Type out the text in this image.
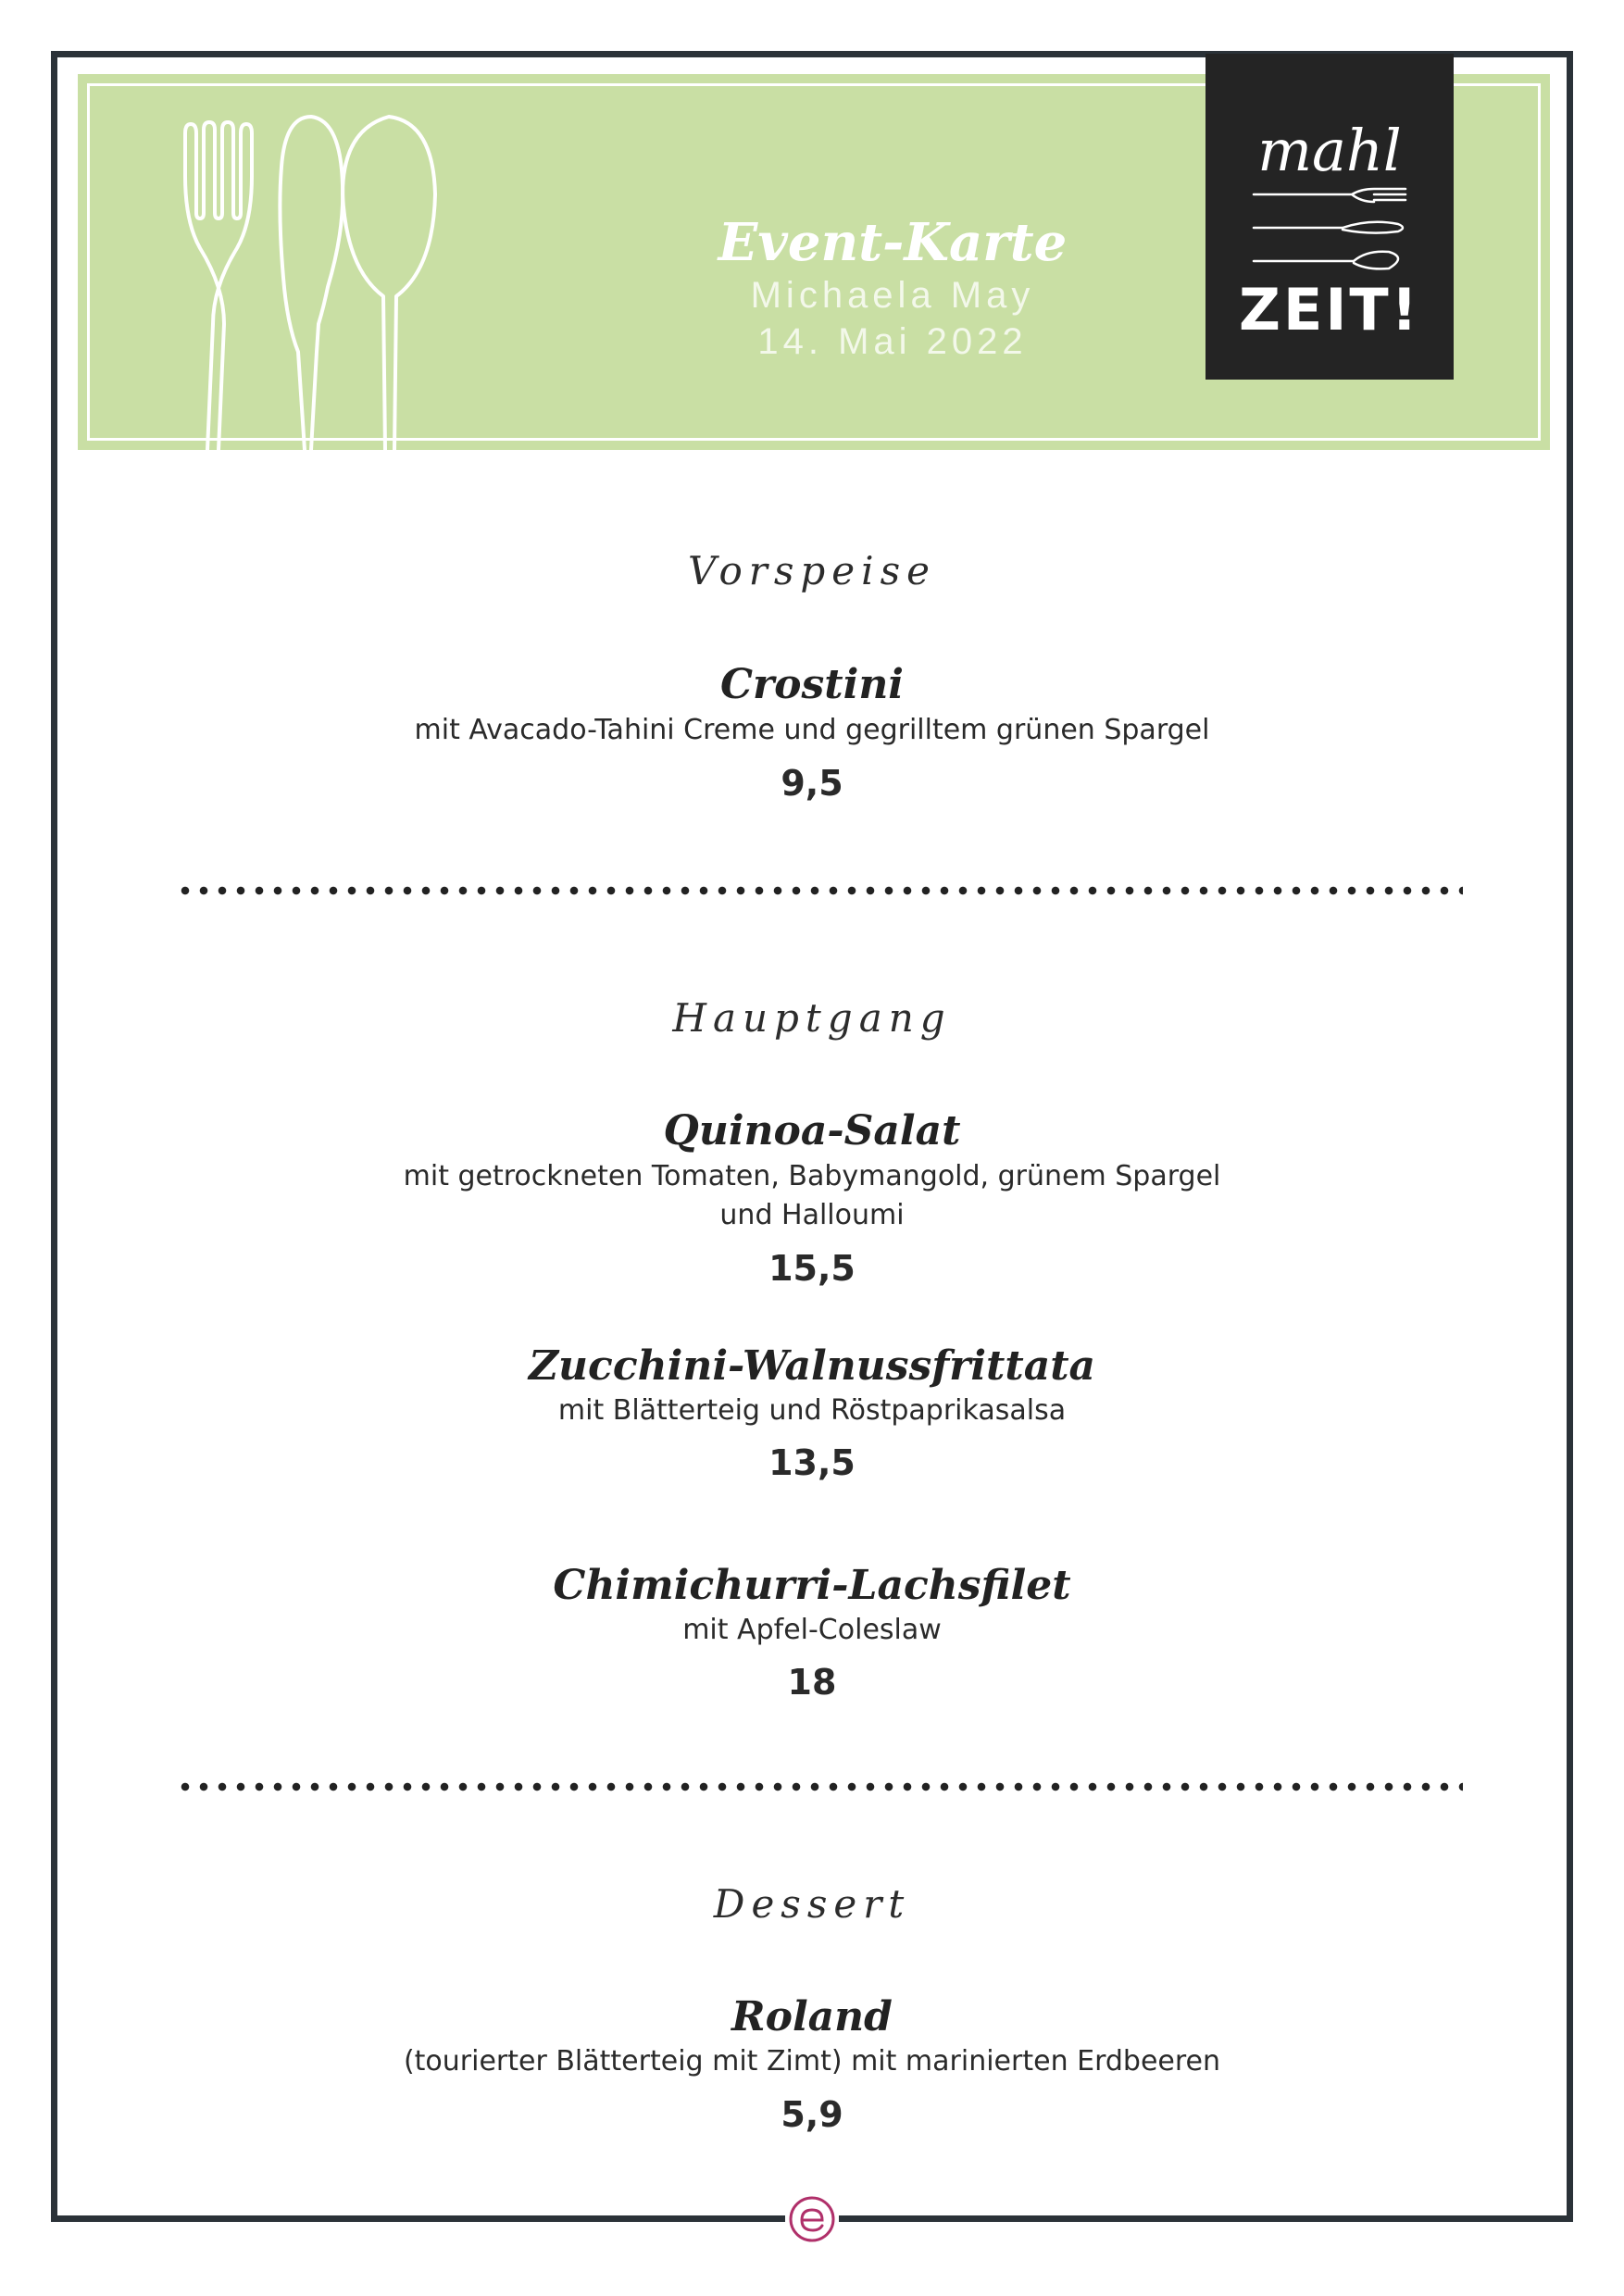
Event-Karte
Michaela May
14. Mai 2022
mahl
ZEIT!
Vorspeise
Crostini
mit Avacado-Tahini Creme und gegrilltem grünen Spargel
9,5
Hauptgang
Quinoa-Salat
mit getrockneten Tomaten, Babymangold, grünem Spargel
und Halloumi
15,5
Zucchini-Walnussfrittata
mit Blätterteig und Röstpaprikasalsa
13,5
Chimichurri-Lachsfilet
mit Apfel-Coleslaw
18
Dessert
Roland
(tourierter Blätterteig mit Zimt) mit marinierten Erdbeeren
5,9
